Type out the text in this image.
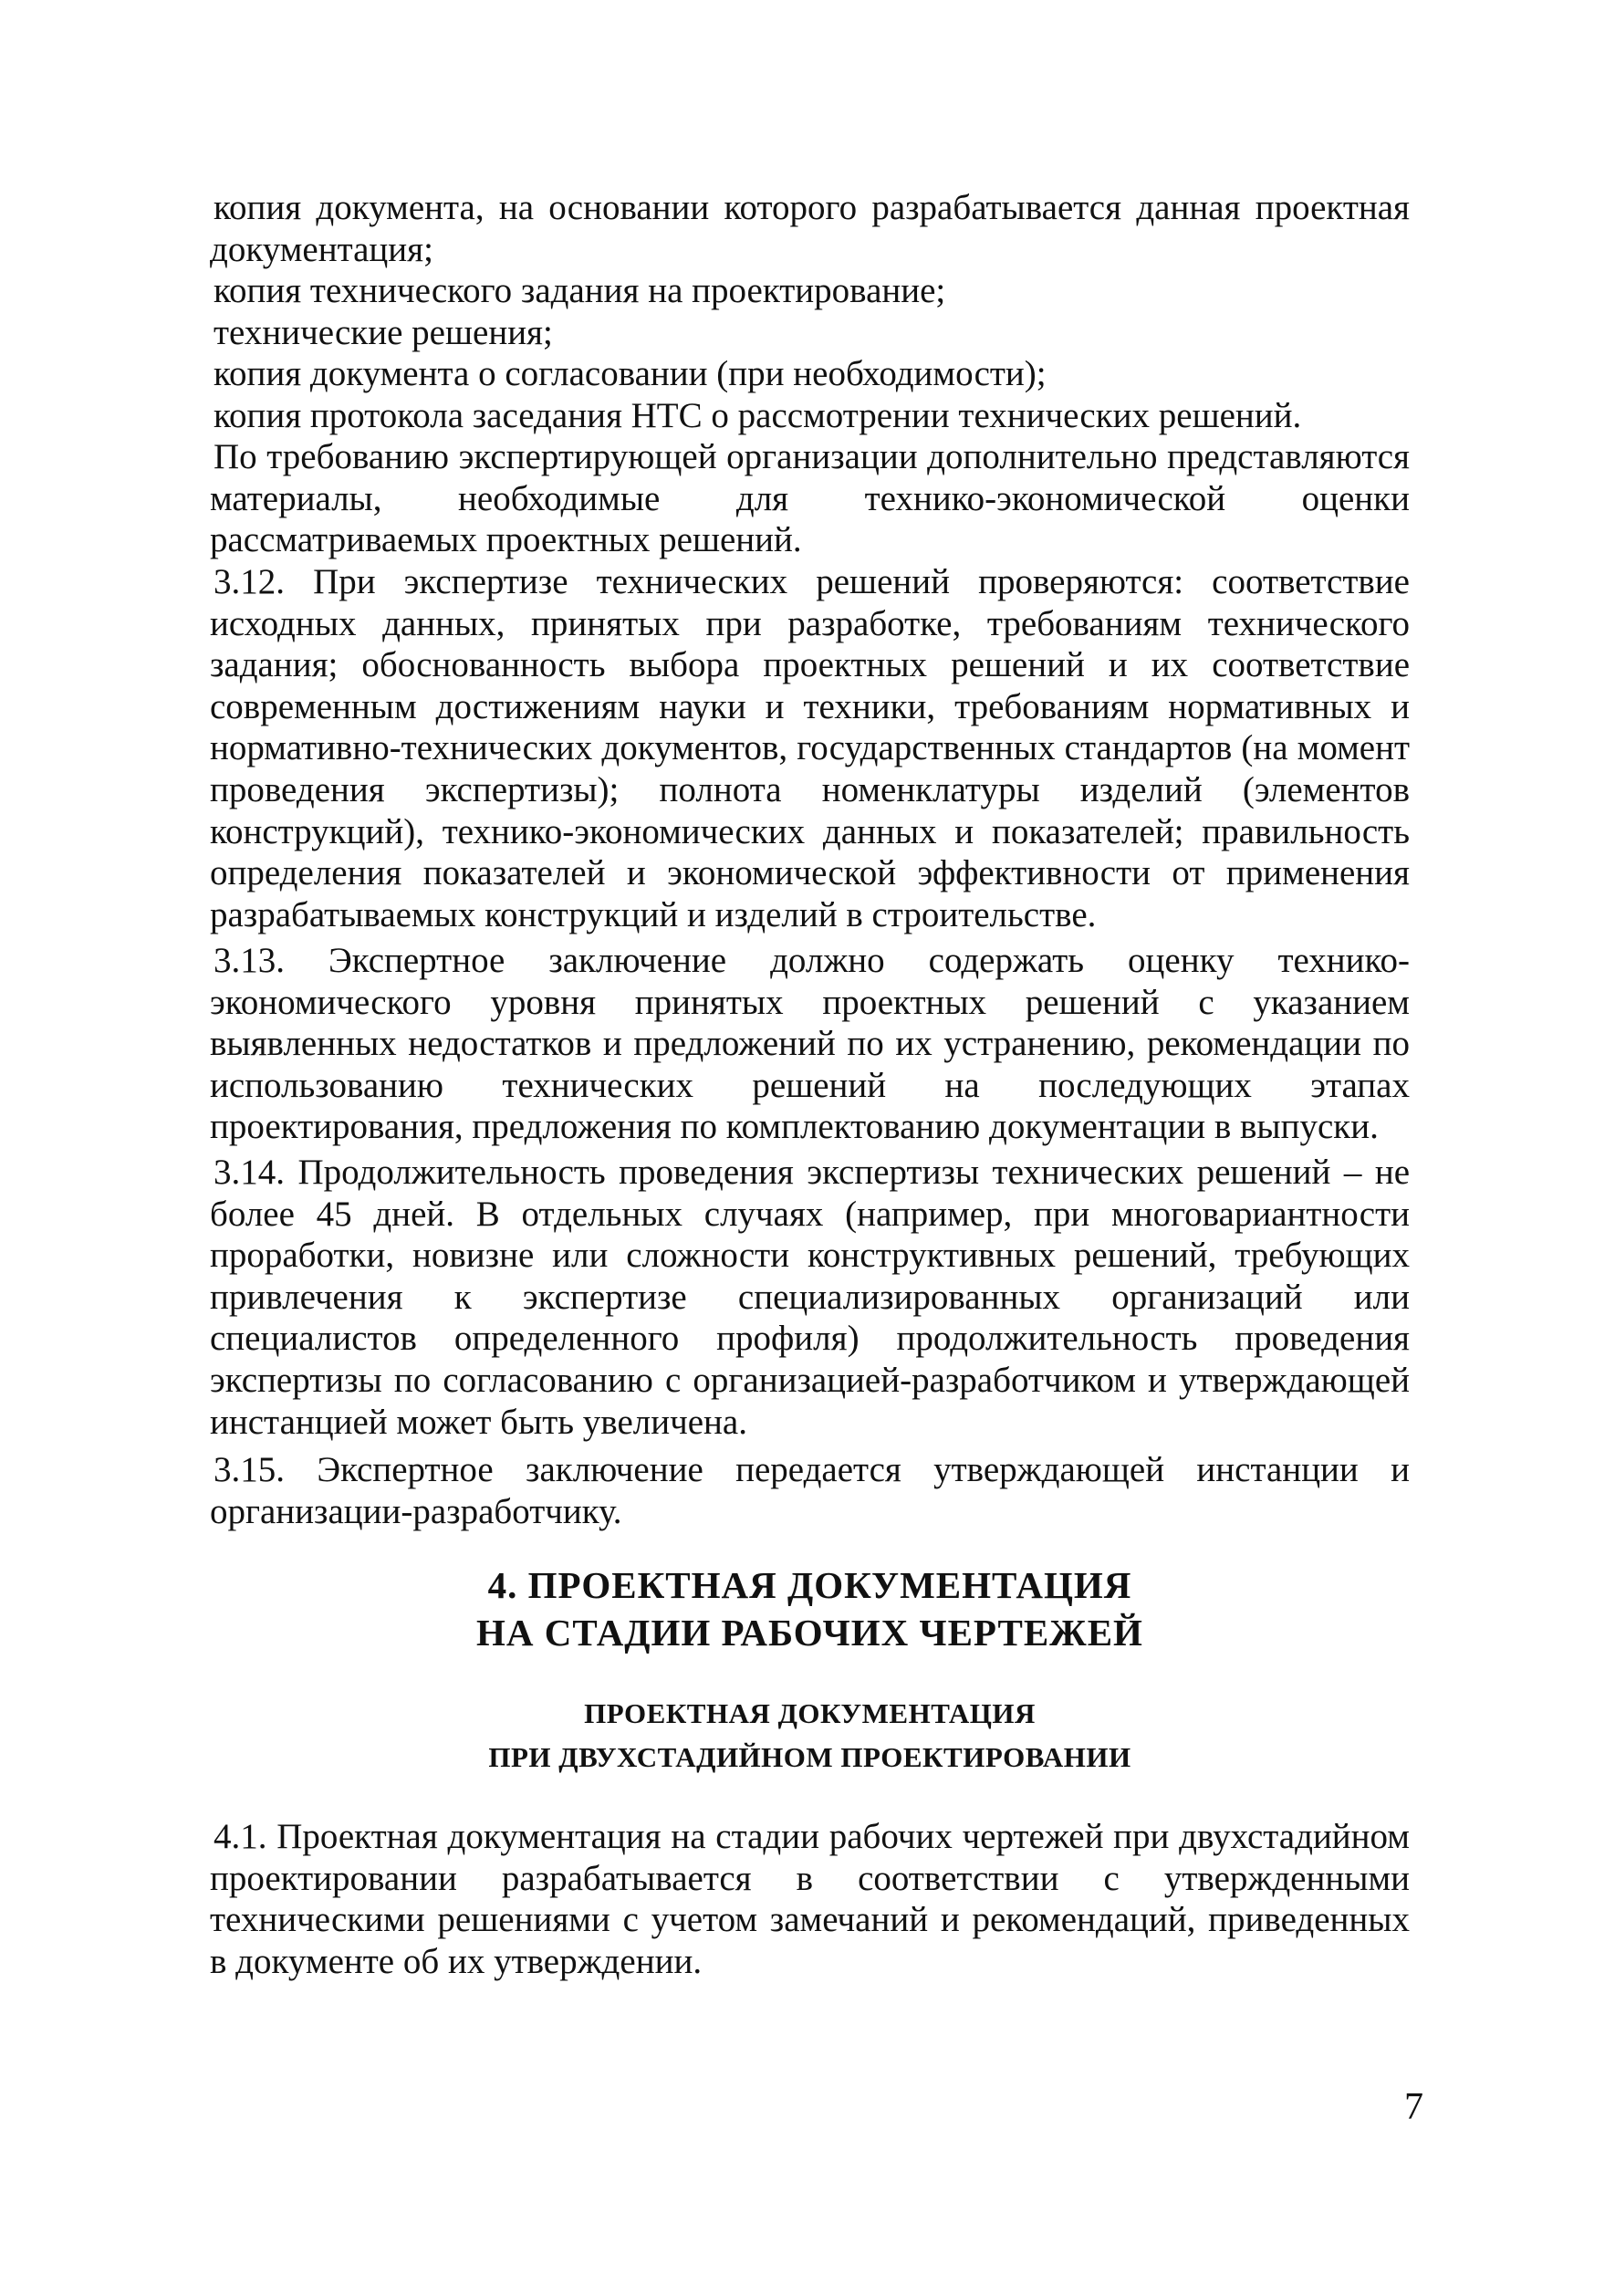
копия документа, на основании которого разрабатывается данная проектная документация;

копия технического задания на проектирование;

технические решения;

копия документа о согласовании (при необходимости);

копия протокола заседания НТС о рассмотрении технических решений.

По требованию экспертирующей организации дополнительно представляются материалы, необходимые для технико-экономической оценки рассматриваемых проектных решений.

3.12. При экспертизе технических решений проверяются: соответствие исходных данных, принятых при разработке, требованиям технического задания; обоснованность выбора проектных решений и их соответствие современным достижениям науки и техники, требованиям нормативных и нормативно-технических документов, государственных стандартов (на момент проведения экспертизы); полнота номенклатуры изделий (элементов конструкций), технико-экономических данных и показателей; правильность определения показателей и экономической эффективности от применения разрабатываемых конструкций и изделий в строительстве.

3.13. Экспертное заключение должно содержать оценку технико-экономического уровня принятых проектных решений с указанием выявленных недостатков и предложений по их устранению, рекомендации по использованию технических решений на последующих этапах проектирования, предложения по комплектованию документации в выпуски.

3.14. Продолжительность проведения экспертизы технических решений – не более 45 дней. В отдельных случаях (например, при многовариантности проработки, новизне или сложности конструктивных решений, требующих привлечения к экспертизе специализированных организаций или специалистов определенного профиля) продолжительность проведения экспертизы по согласованию с организацией-разработчиком и утверждающей инстанцией может быть увеличена.

3.15. Экспертное заключение передается утверждающей инстанции и организации-разработчику.

4. ПРОЕКТНАЯ ДОКУМЕНТАЦИЯ
НА СТАДИИ РАБОЧИХ ЧЕРТЕЖЕЙ
ПРОЕКТНАЯ ДОКУМЕНТАЦИЯ
ПРИ ДВУХСТАДИЙНОМ ПРОЕКТИРОВАНИИ

4.1. Проектная документация на стадии рабочих чертежей при двухстадийном проектировании разрабатывается в соответствии с утвержденными техническими решениями с учетом замечаний и рекомендаций, приведенных в документе об их утверждении.

7
